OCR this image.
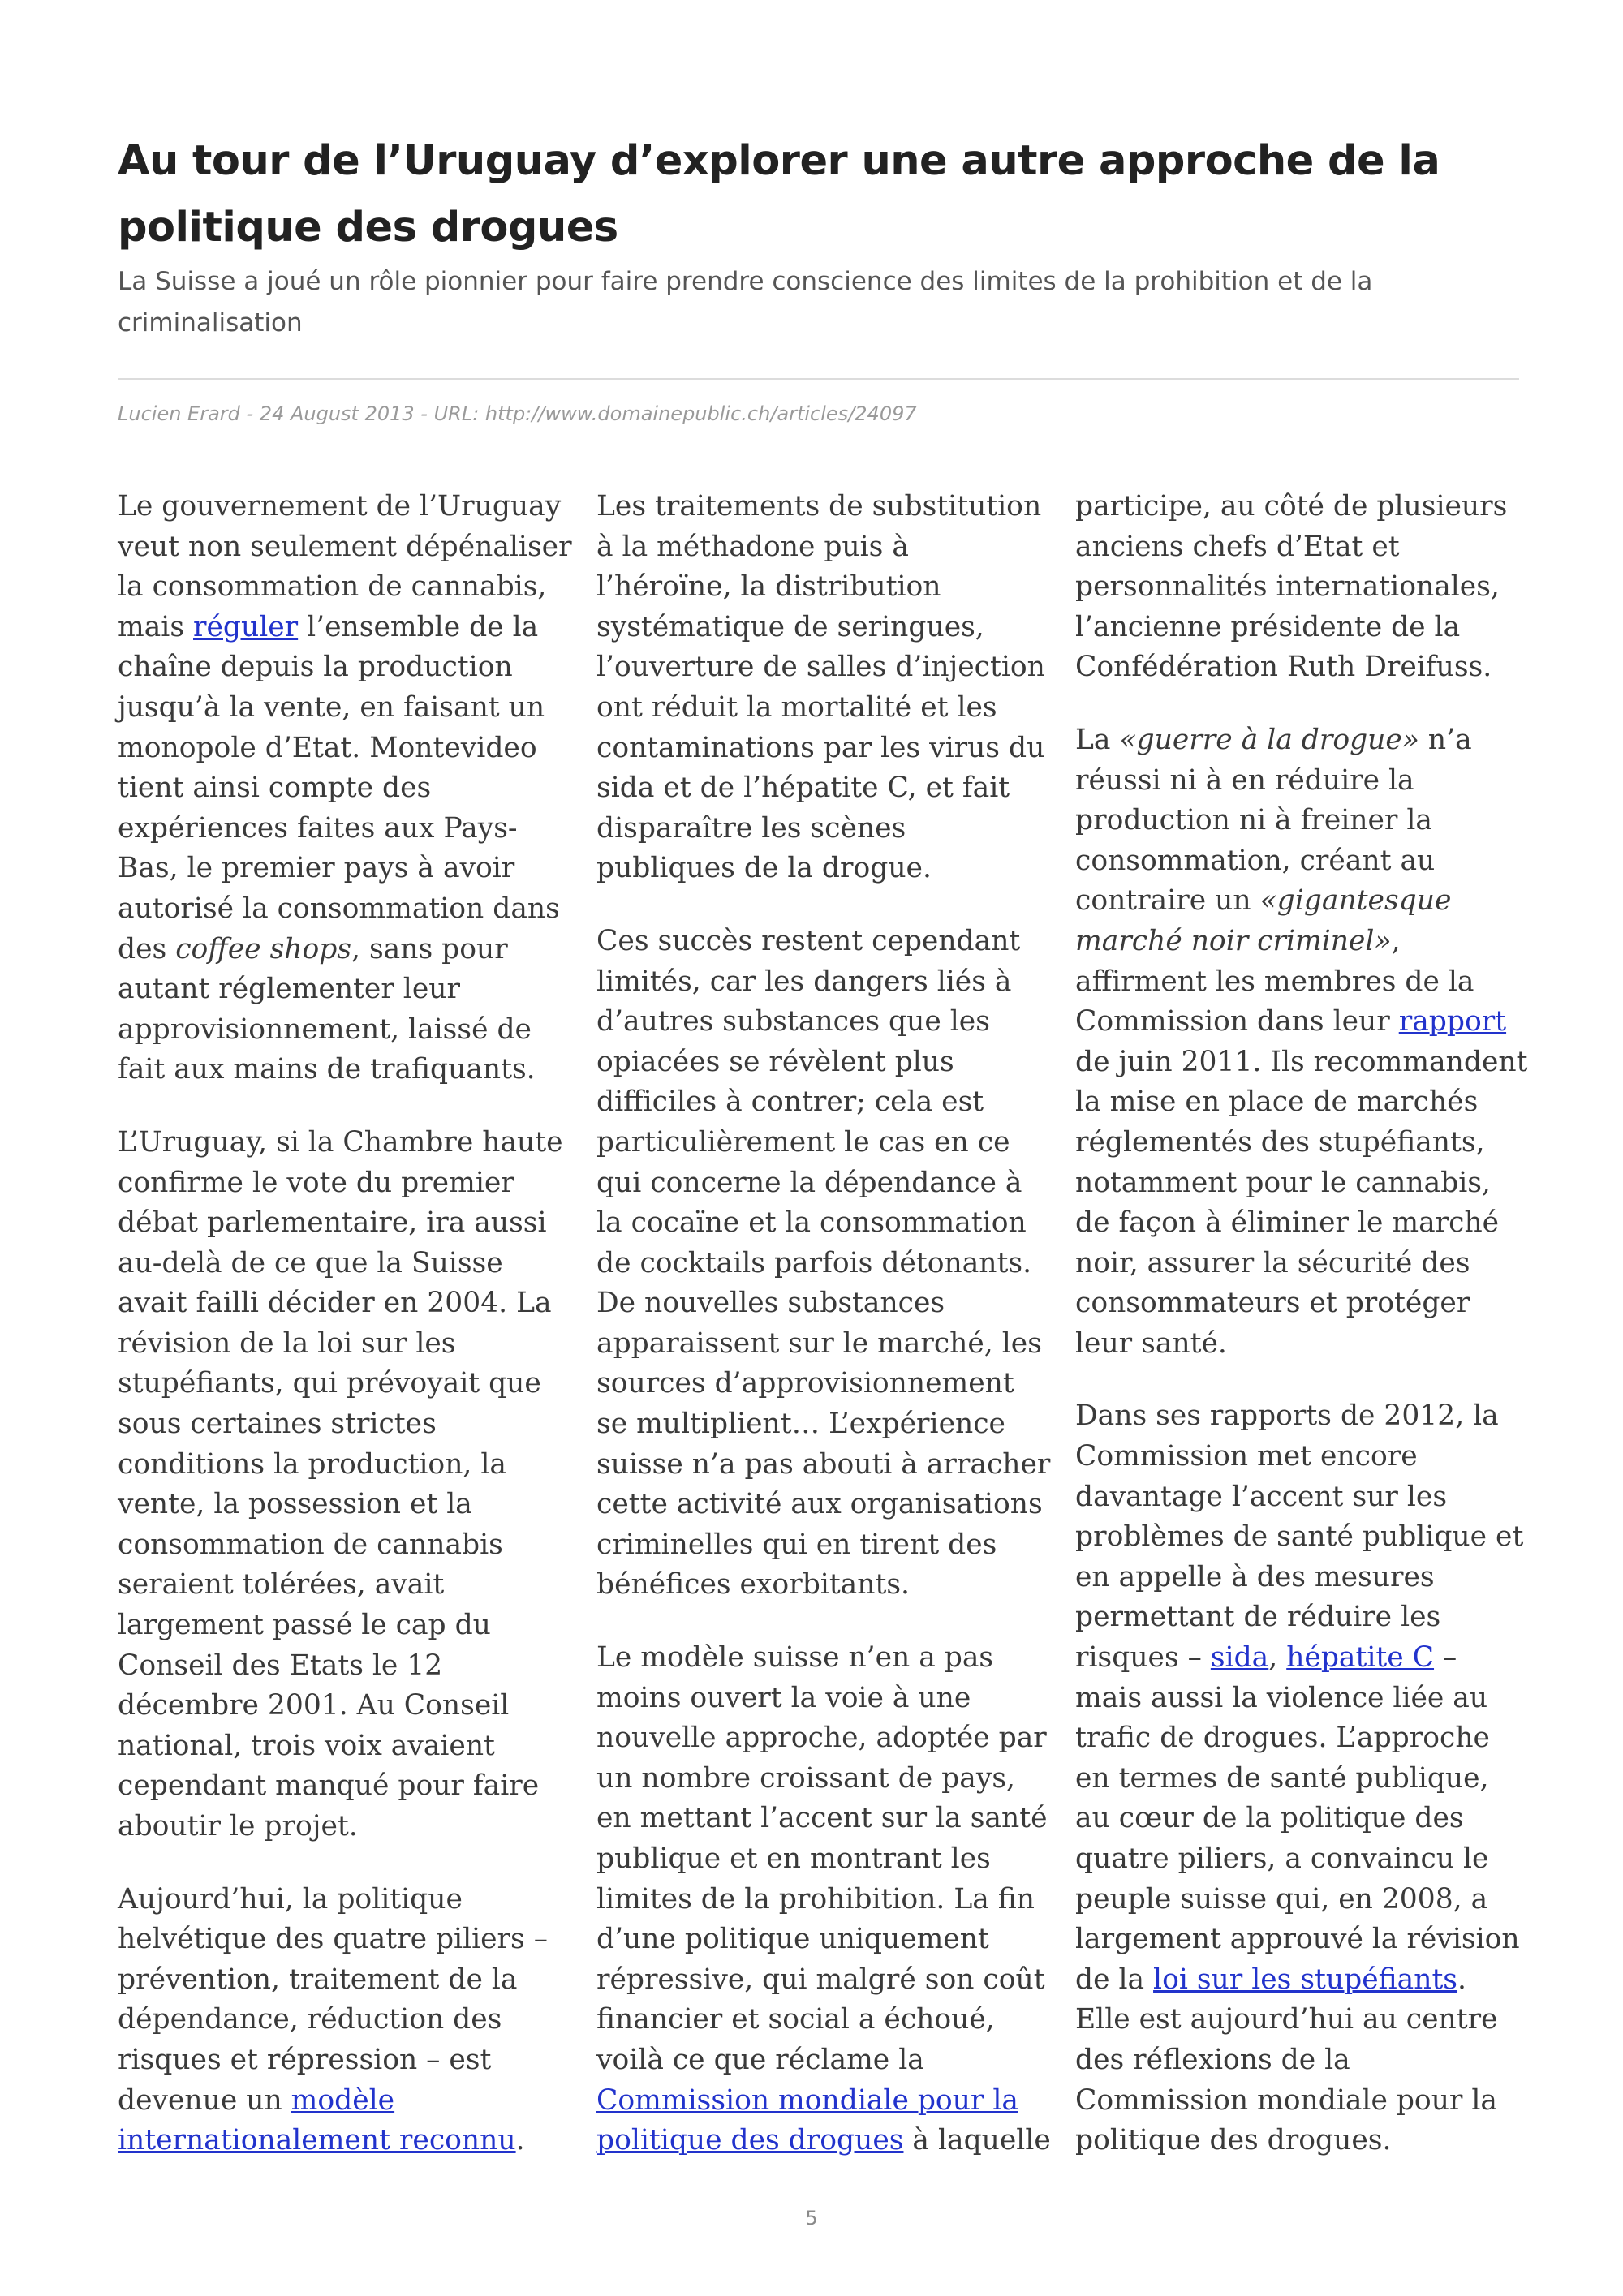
Au tour de l’Uruguay d’explorer une autre approche de la politique des drogues

La Suisse a joué un rôle pionnier pour faire prendre conscience des limites de la prohibition et de la criminalisation

Lucien Erard - 24 August 2013 - URL: http://www.domainepublic.ch/articles/24097

Le gouvernement de l’Uruguay veut non seulement dépénaliser la consommation de cannabis, mais réguler l’ensemble de la chaîne depuis la production jusqu’à la vente, en faisant un monopole d’Etat. Montevideo tient ainsi compte des expériences faites aux Pays-Bas, le premier pays à avoir autorisé la consommation dans des coffee shops, sans pour autant réglementer leur approvisionnement, laissé de fait aux mains de trafiquants.

L’Uruguay, si la Chambre haute confirme le vote du premier débat parlementaire, ira aussi au-delà de ce que la Suisse avait failli décider en 2004. La révision de la loi sur les stupéfiants, qui prévoyait que sous certaines strictes conditions la production, la vente, la possession et la consommation de cannabis seraient tolérées, avait largement passé le cap du Conseil des Etats le 12 décembre 2001. Au Conseil national, trois voix avaient cependant manqué pour faire aboutir le projet.

Aujourd’hui, la politique helvétique des quatre piliers – prévention, traitement de la dépendance, réduction des risques et répression – est devenue un modèle internationalement reconnu.

Les traitements de substitution à la méthadone puis à l’héroïne, la distribution systématique de seringues, l’ouverture de salles d’injection ont réduit la mortalité et les contaminations par les virus du sida et de l’hépatite C, et fait disparaître les scènes publiques de la drogue.

Ces succès restent cependant limités, car les dangers liés à d’autres substances que les opiacées se révèlent plus difficiles à contrer; cela est particulièrement le cas en ce qui concerne la dépendance à la cocaïne et la consommation de cocktails parfois détonants. De nouvelles substances apparaissent sur le marché, les sources d’approvisionnement se multiplient… L’expérience suisse n’a pas abouti à arracher cette activité aux organisations criminelles qui en tirent des bénéfices exorbitants.

Le modèle suisse n’en a pas moins ouvert la voie à une nouvelle approche, adoptée par un nombre croissant de pays, en mettant l’accent sur la santé publique et en montrant les limites de la prohibition. La fin d’une politique uniquement répressive, qui malgré son coût financier et social a échoué, voilà ce que réclame la Commission mondiale pour la politique des drogues à laquelle

participe, au côté de plusieurs anciens chefs d’Etat et personnalités internationales, l’ancienne présidente de la Confédération Ruth Dreifuss.

La «guerre à la drogue» n’a réussi ni à en réduire la production ni à freiner la consommation, créant au contraire un «gigantesque marché noir criminel», affirment les membres de la Commission dans leur rapport de juin 2011. Ils recommandent la mise en place de marchés réglementés des stupéfiants, notamment pour le cannabis, de façon à éliminer le marché noir, assurer la sécurité des consommateurs et protéger leur santé.

Dans ses rapports de 2012, la Commission met encore davantage l’accent sur les problèmes de santé publique et en appelle à des mesures permettant de réduire les risques – sida, hépatite C – mais aussi la violence liée au trafic de drogues. L’approche en termes de santé publique, au cœur de la politique des quatre piliers, a convaincu le peuple suisse qui, en 2008, a largement approuvé la révision de la loi sur les stupéfiants. Elle est aujourd’hui au centre des réflexions de la Commission mondiale pour la politique des drogues.

5
